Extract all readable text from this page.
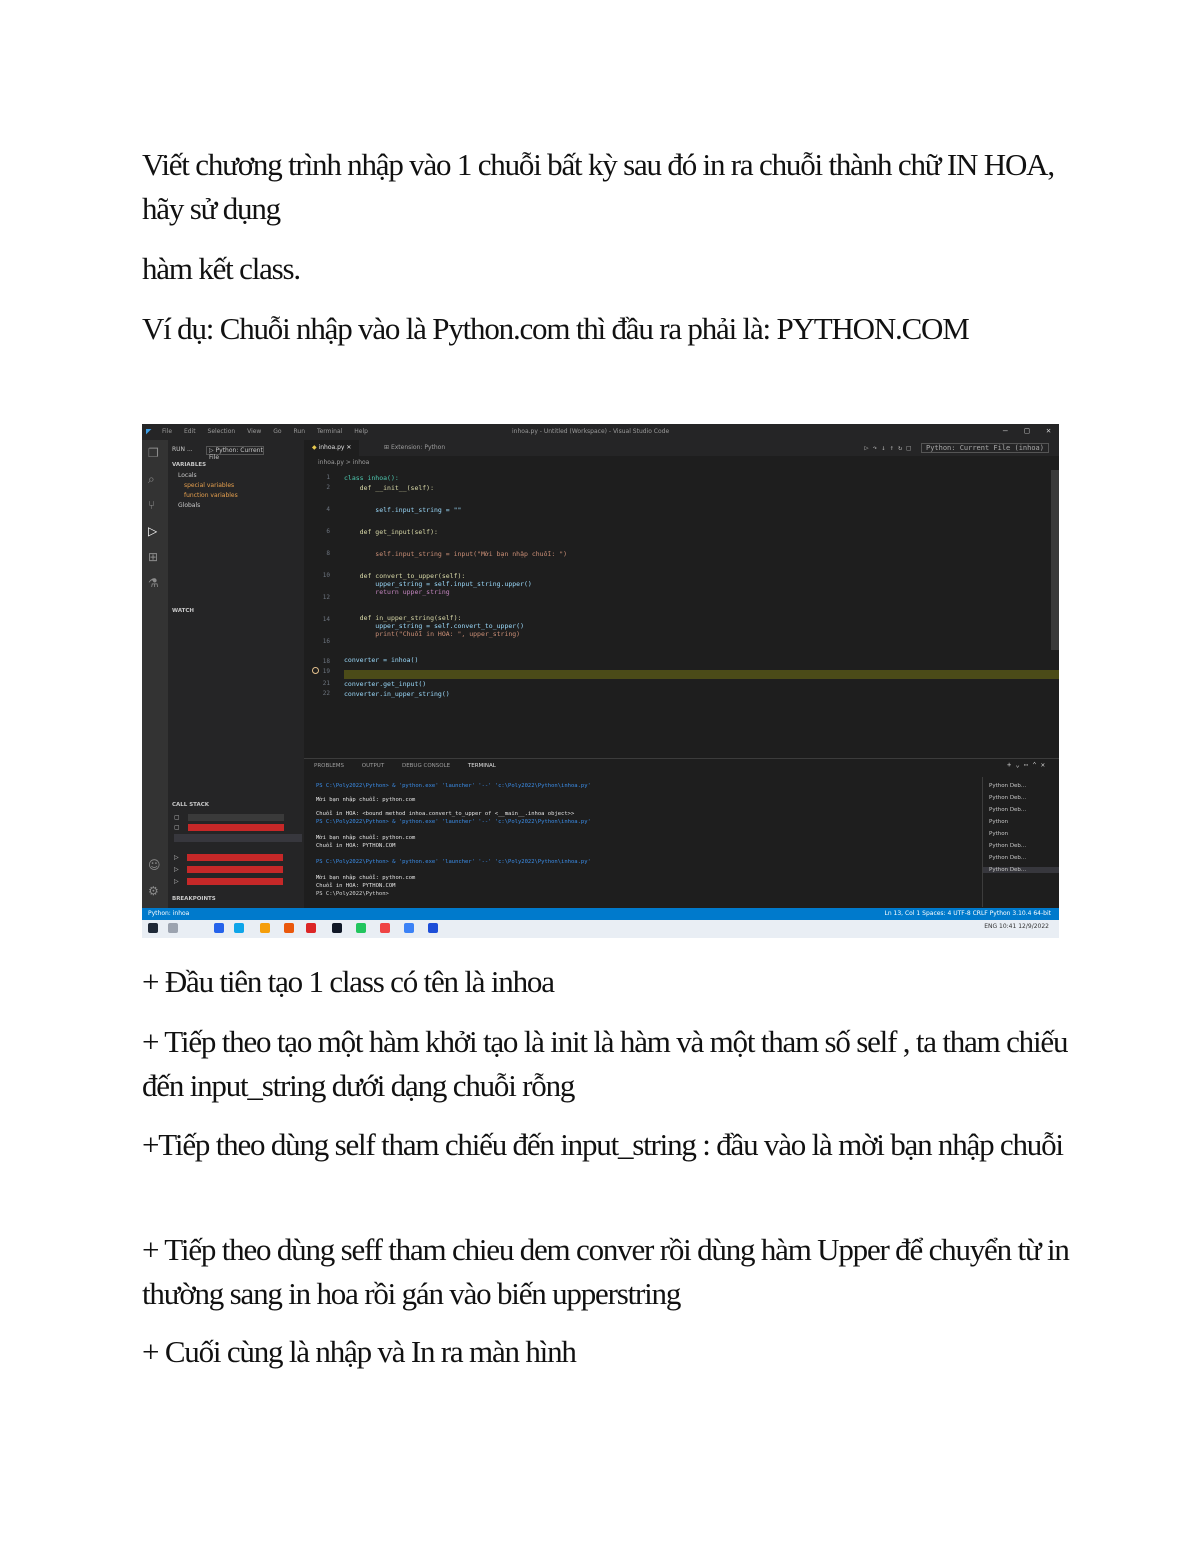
Viết chương trình nhập vào 1 chuỗi bất kỳ sau đó in ra chuỗi thành chữ IN HOA, hãy sử dụng

hàm kết class.

Ví dụ: Chuỗi nhập vào là Python.com thì đầu ra phải là: PYTHON.COM

◤ File Edit Selection View Go Run Terminal Help	inhoa.py - Untitled (Workspace) - Visual Studio Code	— □ ✕
❐
⌕
⑂
▷
⊞
⚗
☺
⚙
RUN ...	▷ Python: Current File
VARIABLES
Locals
special variables
function variables
Globals
WATCH
CALL STACK
▢
▢
▷
▷
▷
BREAKPOINTS
◆ inhoa.py ✕	⊞ Extension: Python	▷ ↷ ↓ ↑ ↻ □ Python: Current File (inhoa)
inhoa.py > inhoa
1
2
4
6
8
10
12
14
16
18
19
21
22
class inhoa():
def __init__(self):
self.input_string = ""
def get_input(self):
self.input_string = input("Mời bạn nhập chuỗi: ")
def convert_to_upper(self):
upper_string = self.input_string.upper()
return upper_string
def in_upper_string(self):
upper_string = self.convert_to_upper()
print("Chuỗi in HOA: ", upper_string)
converter = inhoa()
converter.get_input()
converter.in_upper_string()
PROBLEMS	OUTPUT	DEBUG CONSOLE	TERMINAL	+ ⌄ ⋯ ⌃ ✕
PS C:\Poly2022\Python> & 'python.exe' 'launcher' '--' 'c:\Poly2022\Python\inhoa.py'
Mời bạn nhập chuỗi: python.com
Chuỗi in HOA: <bound method inhoa.convert_to_upper of <__main__.inhoa object>>
PS C:\Poly2022\Python> & 'python.exe' 'launcher' '--' 'c:\Poly2022\Python\inhoa.py'
Mời bạn nhập chuỗi: python.com
Chuỗi in HOA: PYTHON.COM
PS C:\Poly2022\Python> & 'python.exe' 'launcher' '--' 'c:\Poly2022\Python\inhoa.py'
Mời bạn nhập chuỗi: python.com
Chuỗi in HOA: PYTHON.COM
PS C:\Poly2022\Python>
Python Deb...
Python Deb...
Python Deb...
Python
Python
Python Deb...
Python Deb...
Python Deb...
Python: inhoa	Ln 13, Col 1 Spaces: 4 UTF-8 CRLF Python 3.10.4 64-bit
ENG 10:41 12/9/2022

+ Đầu tiên tạo 1 class có tên là inhoa

+ Tiếp theo tạo một hàm khởi tạo là init là hàm và một tham số self , ta tham chiếu đến input_string dưới dạng chuỗi rỗng

+Tiếp theo dùng self tham chiếu đến input_string : đầu vào là mời bạn nhập chuỗi

+ Tiếp theo dùng seff tham chieu dem conver rồi dùng hàm Upper để chuyển từ in thường sang in hoa rồi gán vào biến upperstring

+ Cuối cùng là nhập và In ra màn hình
